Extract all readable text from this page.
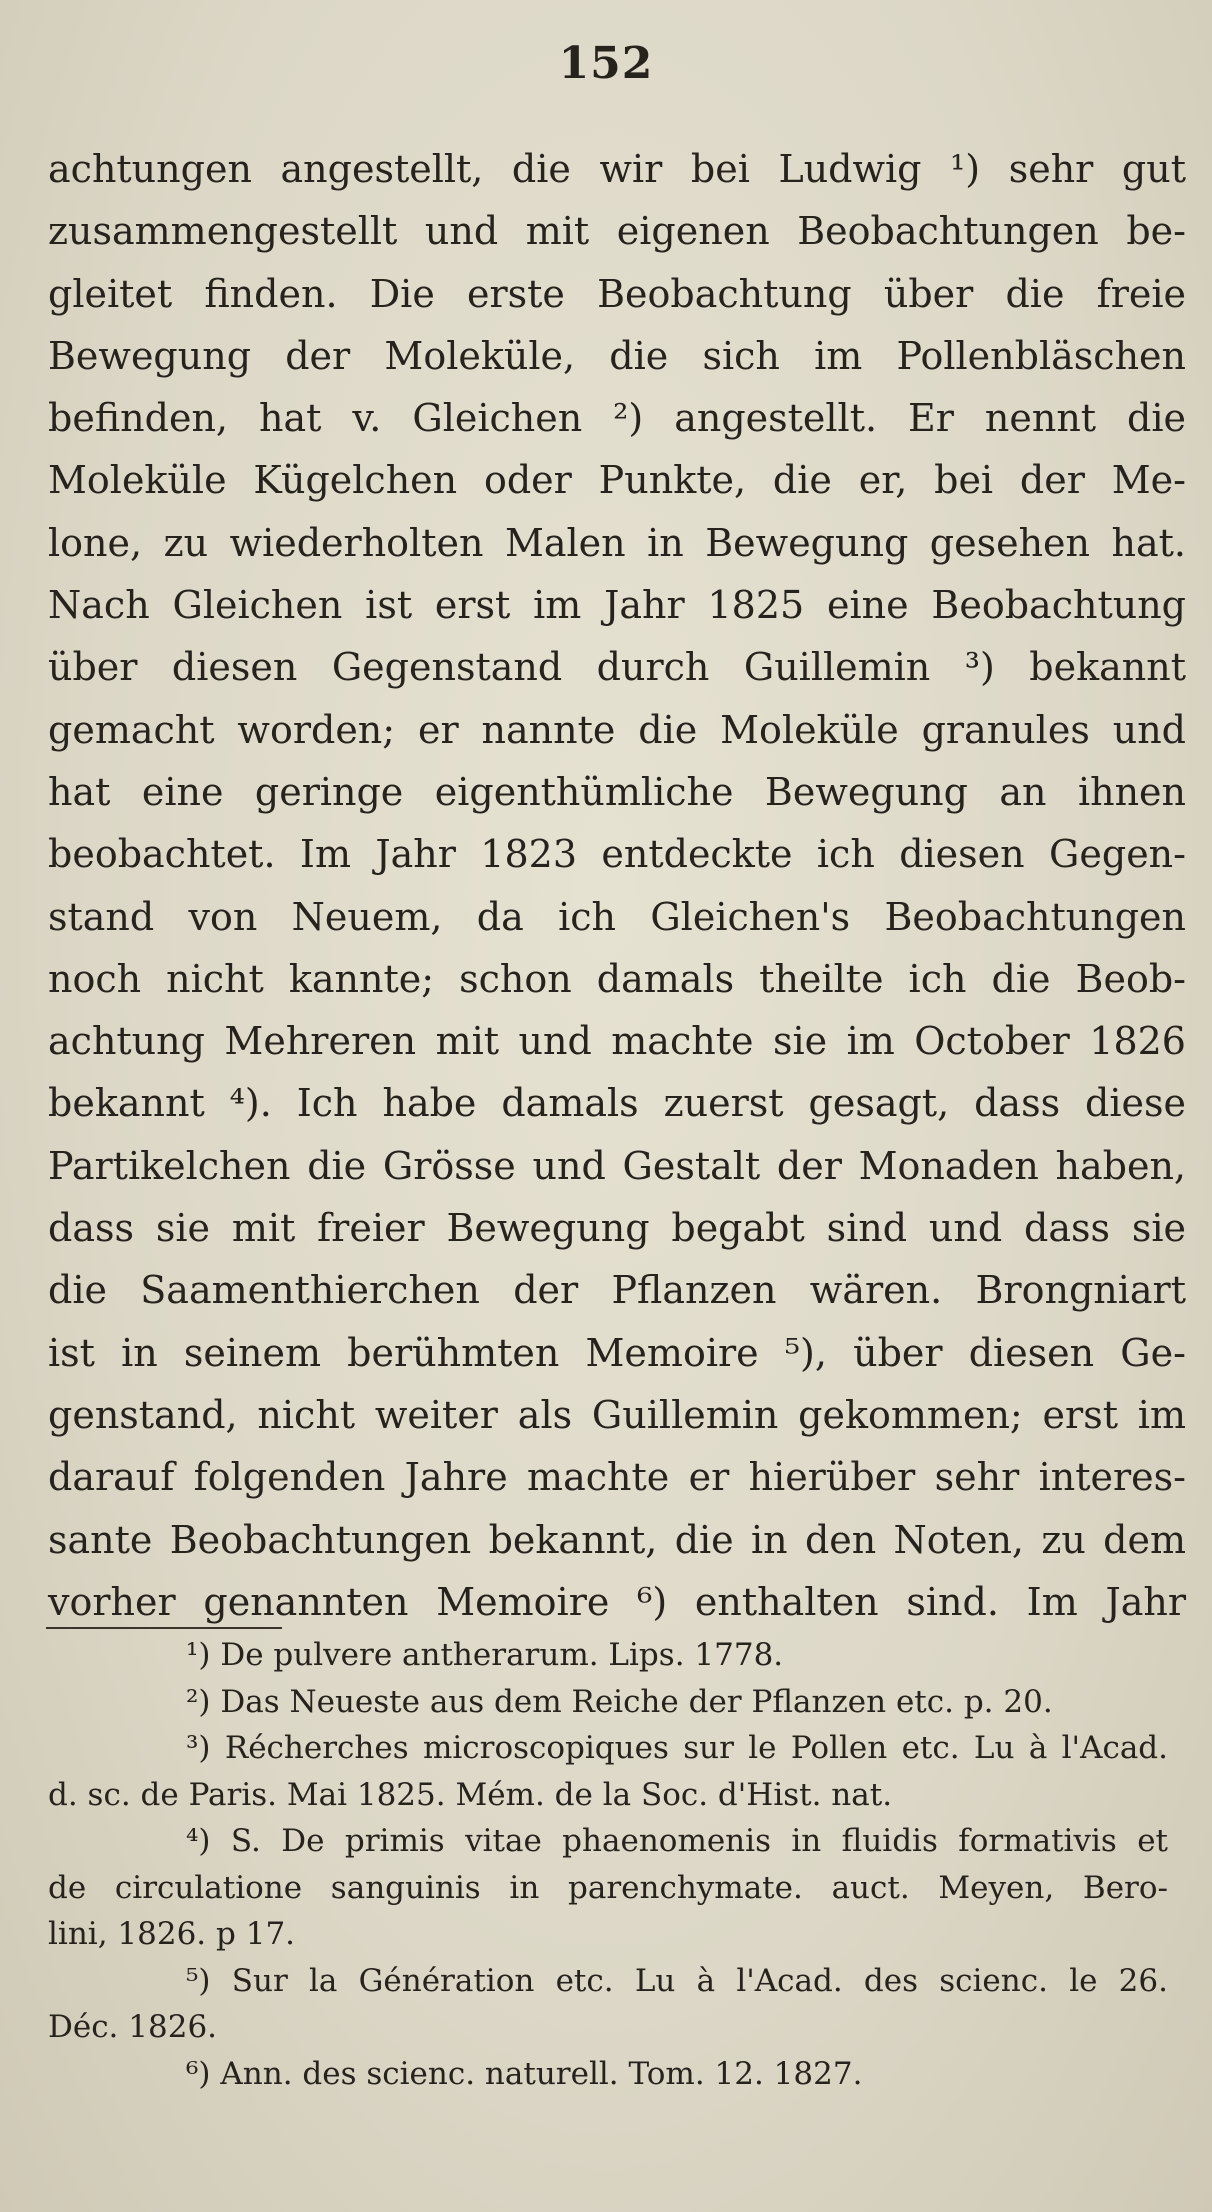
152
achtungen angestellt, die wir bei Ludwig ¹) sehr gut
zusammengestellt und mit eigenen Beobachtungen be-
gleitet finden. Die erste Beobachtung über die freie
Bewegung der Moleküle, die sich im Pollenbläschen
befinden, hat v. Gleichen ²) angestellt. Er nennt die
Moleküle Kügelchen oder Punkte, die er, bei der Me-
lone, zu wiederholten Malen in Bewegung gesehen hat.
Nach Gleichen ist erst im Jahr 1825 eine Beobachtung
über diesen Gegenstand durch Guillemin ³) bekannt
gemacht worden; er nannte die Moleküle granules und
hat eine geringe eigenthümliche Bewegung an ihnen
beobachtet. Im Jahr 1823 entdeckte ich diesen Gegen-
stand von Neuem, da ich Gleichen's Beobachtungen
noch nicht kannte; schon damals theilte ich die Beob-
achtung Mehreren mit und machte sie im October 1826
bekannt ⁴). Ich habe damals zuerst gesagt, dass diese
Partikelchen die Grösse und Gestalt der Monaden haben,
dass sie mit freier Bewegung begabt sind und dass sie
die Saamenthierchen der Pflanzen wären. Brongniart
ist in seinem berühmten Memoire ⁵), über diesen Ge-
genstand, nicht weiter als Guillemin gekommen; erst im
darauf folgenden Jahre machte er hierüber sehr interes-
sante Beobachtungen bekannt, die in den Noten, zu dem
vorher genannten Memoire ⁶) enthalten sind. Im Jahr
¹) De pulvere antherarum. Lips. 1778.
²) Das Neueste aus dem Reiche der Pflanzen etc. p. 20.
³) Récherches microscopiques sur le Pollen etc. Lu à l'Acad.
d. sc. de Paris. Mai 1825. Mém. de la Soc. d'Hist. nat.
⁴) S. De primis vitae phaenomenis in fluidis formativis et
de circulatione sanguinis in parenchymate. auct. Meyen, Bero-
lini, 1826. p 17.
⁵) Sur la Génération etc. Lu à l'Acad. des scienc. le 26.
Déc. 1826.
⁶) Ann. des scienc. naturell. Tom. 12. 1827.
